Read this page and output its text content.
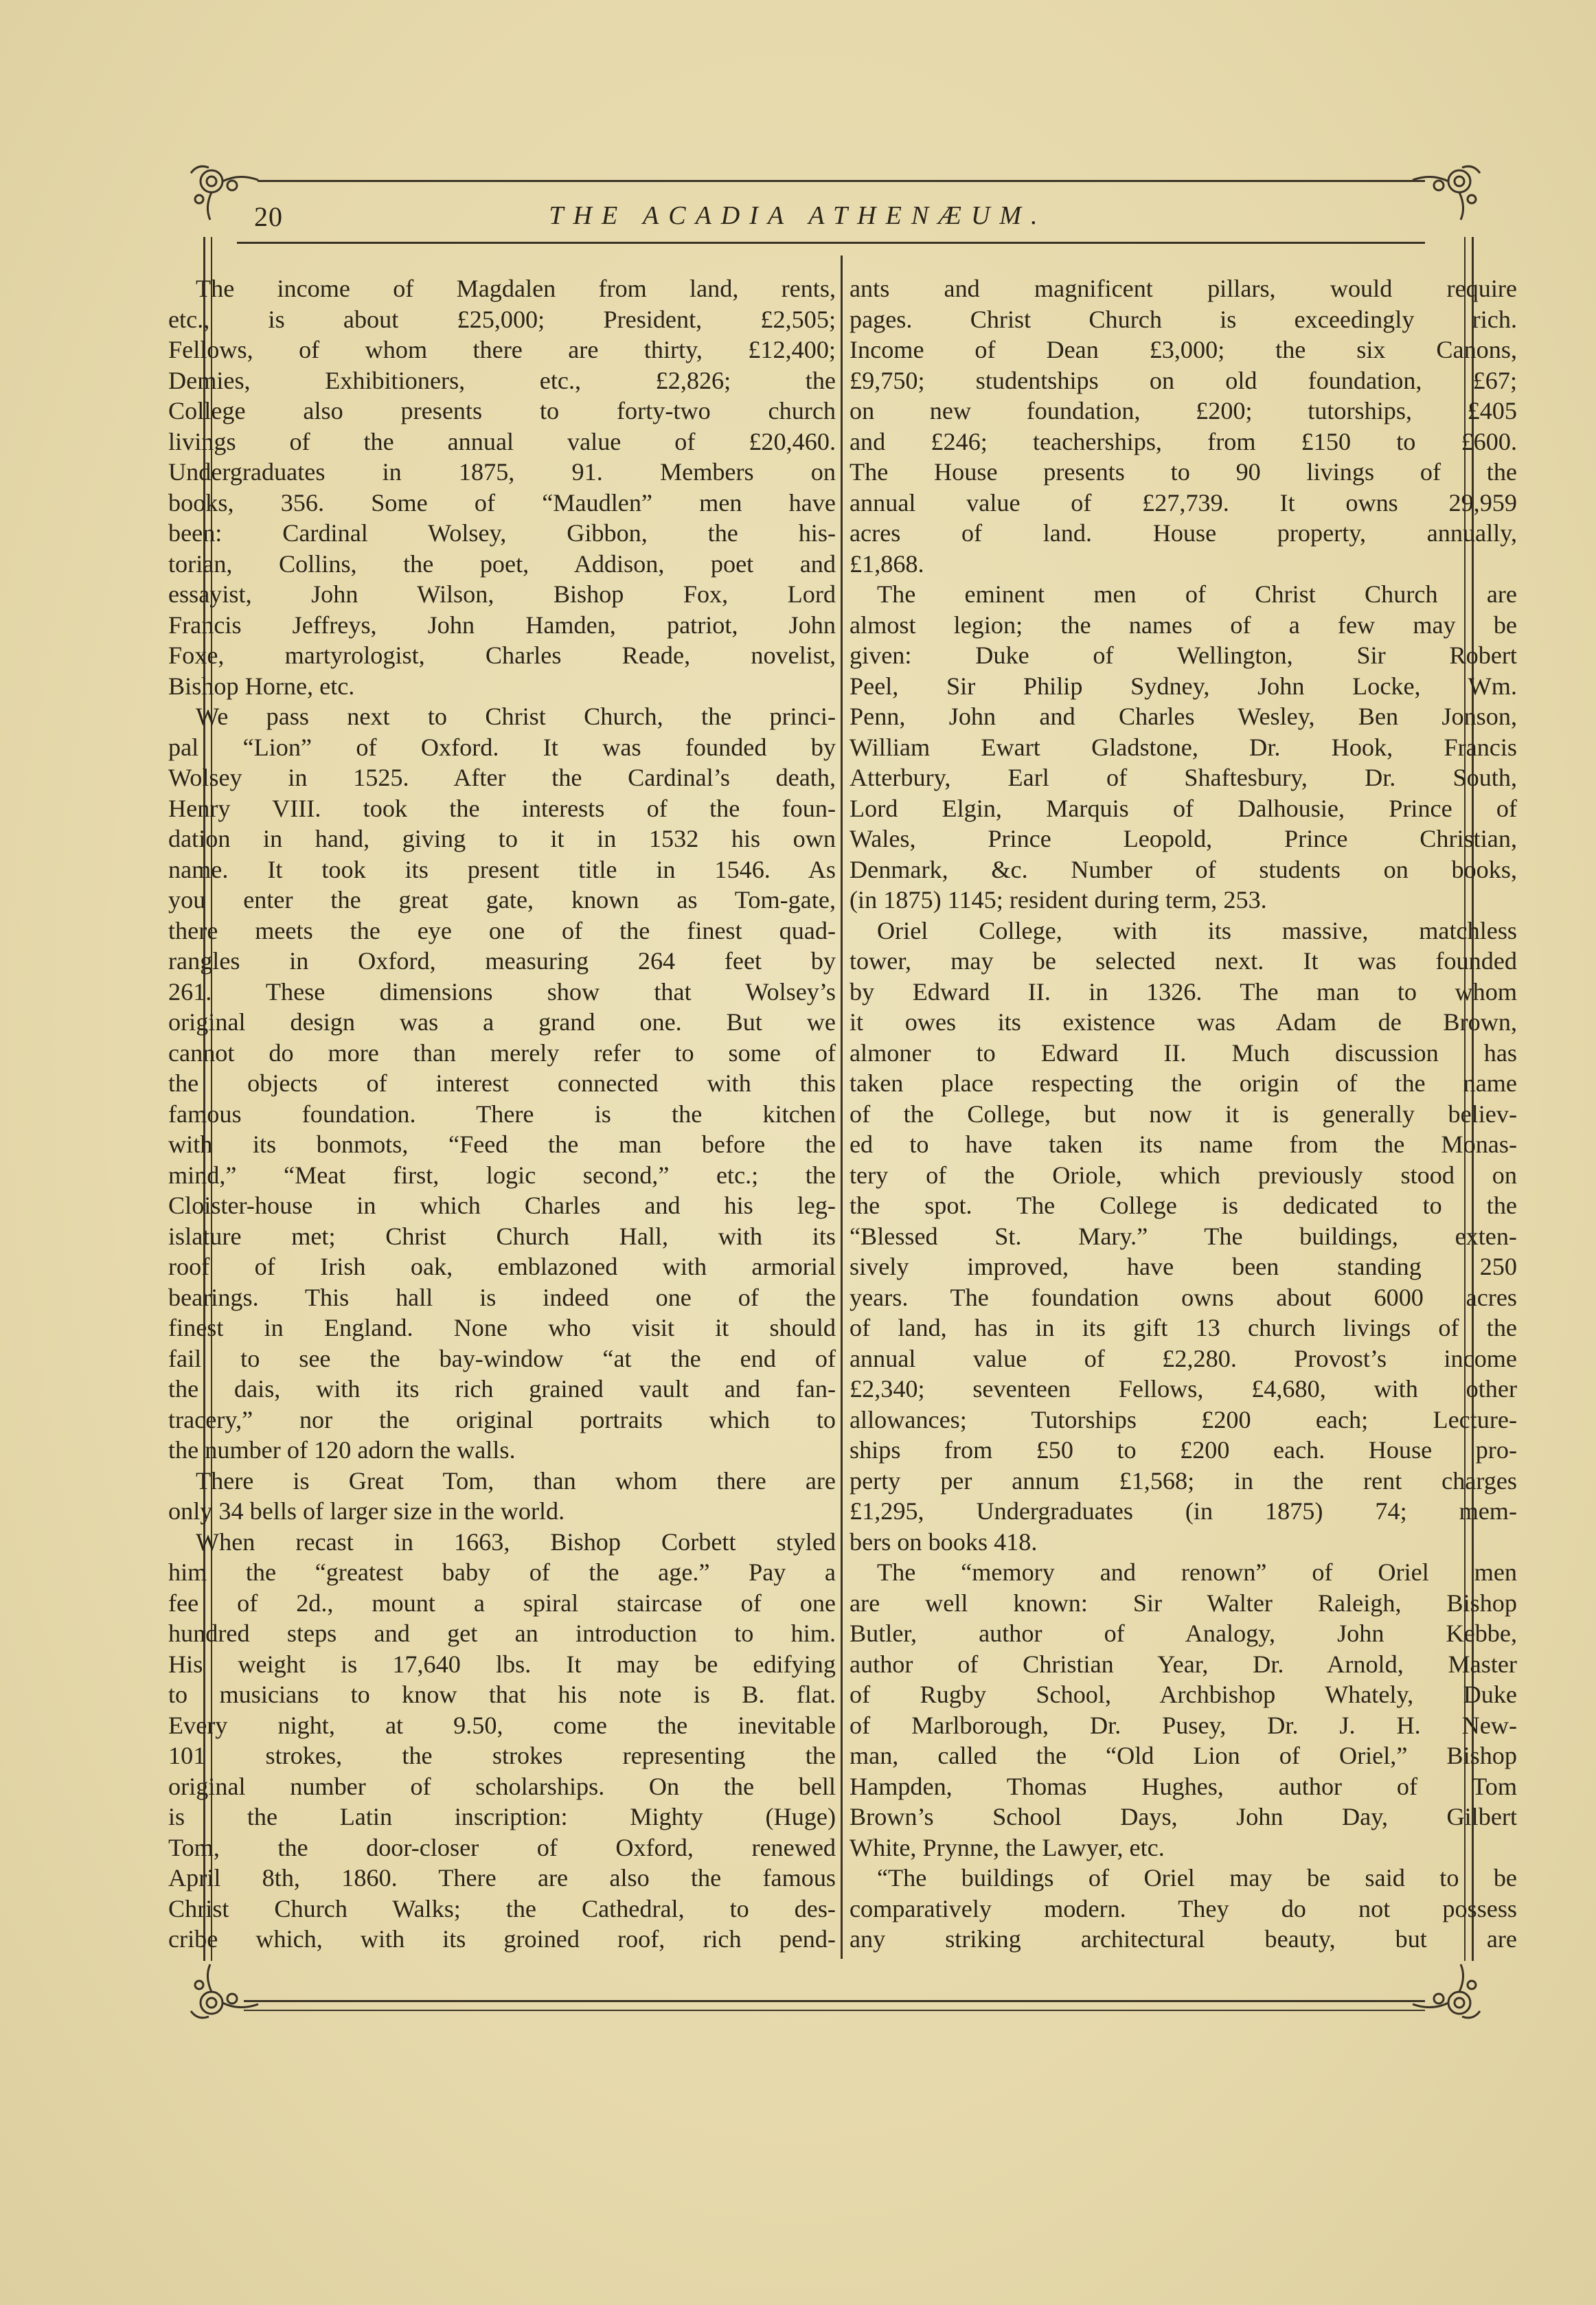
20	THE ACADIA ATHENÆUM.
The income of Magdalen from land, rents,
etc., is about £25,000; President, £2,505;
Fellows, of whom there are thirty, £12,400;
Demies, Exhibitioners, etc., £2,826; the
College also presents to forty-two church
livings of the annual value of £20,460.
Undergraduates in 1875, 91. Members on
books, 356. Some of “Maudlen” men have
been: Cardinal Wolsey, Gibbon, the his-
torian, Collins, the poet, Addison, poet and
essayist, John Wilson, Bishop Fox, Lord
Francis Jeffreys, John Hamden, patriot, John
Foxe, martyrologist, Charles Reade, novelist,
Bishop Horne, etc.
We pass next to Christ Church, the princi-
pal “Lion” of Oxford. It was founded by
Wolsey in 1525. After the Cardinal’s death,
Henry VIII. took the interests of the foun-
dation in hand, giving to it in 1532 his own
name. It took its present title in 1546. As
you enter the great gate, known as Tom-gate,
there meets the eye one of the finest quad-
rangles in Oxford, measuring 264 feet by
261. These dimensions show that Wolsey’s
original design was a grand one. But we
cannot do more than merely refer to some of
the objects of interest connected with this
famous foundation. There is the kitchen
with its bonmots, “Feed the man before the
mind,” “Meat first, logic second,” etc.; the
Cloister-house in which Charles and his leg-
islature met; Christ Church Hall, with its
roof of Irish oak, emblazoned with armorial
bearings. This hall is indeed one of the
finest in England. None who visit it should
fail to see the bay-window “at the end of
the dais, with its rich grained vault and fan-
tracery,” nor the original portraits which to
the number of 120 adorn the walls.
There is Great Tom, than whom there are
only 34 bells of larger size in the world.
When recast in 1663, Bishop Corbett styled
him the “greatest baby of the age.” Pay a
fee of 2d., mount a spiral staircase of one
hundred steps and get an introduction to him.
His weight is 17,640 lbs. It may be edifying
to musicians to know that his note is B. flat.
Every night, at 9.50, come the inevitable
101 strokes, the strokes representing the
original number of scholarships. On the bell
is the Latin inscription: Mighty (Huge)
Tom, the door-closer of Oxford, renewed
April 8th, 1860. There are also the famous
Christ Church Walks; the Cathedral, to des-
cribe which, with its groined roof, rich pend-
ants and magnificent pillars, would require
pages. Christ Church is exceedingly rich.
Income of Dean £3,000; the six Canons,
£9,750; studentships on old foundation, £67;
on new foundation, £200; tutorships, £405
and £246; teacherships, from £150 to £600.
The House presents to 90 livings of the
annual value of £27,739. It owns 29,959
acres of land. House property, annually,
£1,868.
The eminent men of Christ Church are
almost legion; the names of a few may be
given: Duke of Wellington, Sir Robert
Peel, Sir Philip Sydney, John Locke, Wm.
Penn, John and Charles Wesley, Ben Jonson,
William Ewart Gladstone, Dr. Hook, Francis
Atterbury, Earl of Shaftesbury, Dr. South,
Lord Elgin, Marquis of Dalhousie, Prince of
Wales, Prince Leopold, Prince Christian,
Denmark, &c. Number of students on books,
(in 1875) 1145; resident during term, 253.
Oriel College, with its massive, matchless
tower, may be selected next. It was founded
by Edward II. in 1326. The man to whom
it owes its existence was Adam de Brown,
almoner to Edward II. Much discussion has
taken place respecting the origin of the name
of the College, but now it is generally believ-
ed to have taken its name from the Monas-
tery of the Oriole, which previously stood on
the spot. The College is dedicated to the
“Blessed St. Mary.” The buildings, exten-
sively improved, have been standing 250
years. The foundation owns about 6000 acres
of land, has in its gift 13 church livings of the
annual value of £2,280. Provost’s income
£2,340; seventeen Fellows, £4,680, with other
allowances; Tutorships £200 each; Lecture-
ships from £50 to £200 each. House pro-
perty per annum £1,568; in the rent charges
£1,295, Undergraduates (in 1875) 74; mem-
bers on books 418.
The “memory and renown” of Oriel men
are well known: Sir Walter Raleigh, Bishop
Butler, author of Analogy, John Kebbe,
author of Christian Year, Dr. Arnold, Master
of Rugby School, Archbishop Whately, Duke
of Marlborough, Dr. Pusey, Dr. J. H. New-
man, called the “Old Lion of Oriel,” Bishop
Hampden, Thomas Hughes, author of Tom
Brown’s School Days, John Day, Gilbert
White, Prynne, the Lawyer, etc.
“The buildings of Oriel may be said to be
comparatively modern. They do not possess
any striking architectural beauty, but are
